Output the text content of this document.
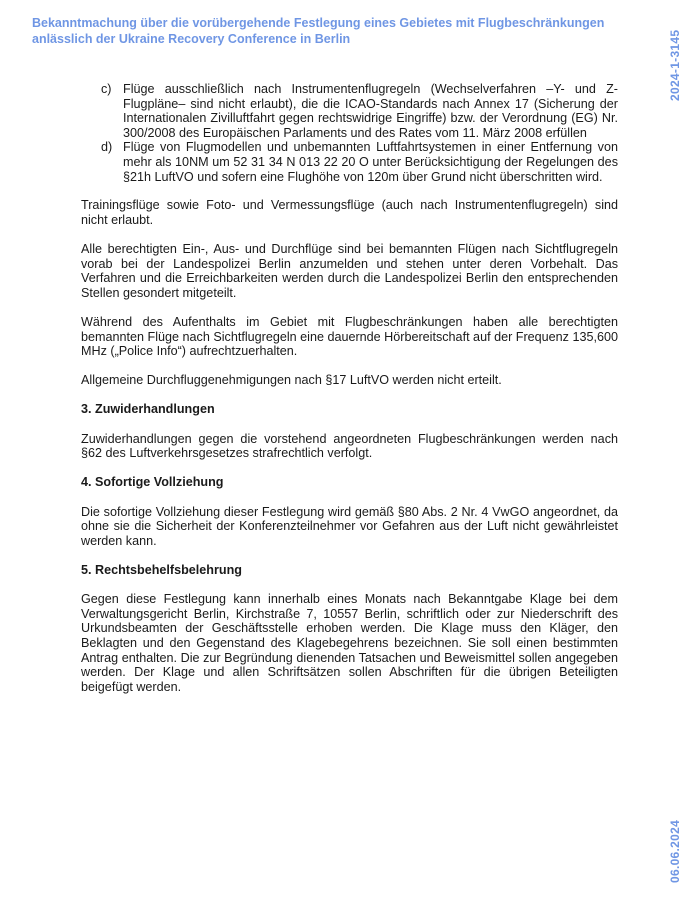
Bekanntmachung über die vorübergehende Festlegung eines Gebietes mit Flugbeschränkungen anlässlich der Ukraine Recovery Conference in Berlin	2024-1-3145
06.06.2024
c) Flüge ausschließlich nach Instrumentenflugregeln (Wechselverfahren –Y- und Z-Flugpläne– sind nicht erlaubt), die die ICAO-Standards nach Annex 17 (Sicherung der Internationalen Zivilluftfahrt gegen rechtswidrige Eingriffe) bzw. der Verordnung (EG) Nr. 300/2008 des Europäischen Parlaments und des Rates vom 11. März 2008 erfüllen
d) Flüge von Flugmodellen und unbemannten Luftfahrtsystemen in einer Entfernung von mehr als 10NM um 52 31 34 N 013 22 20 O unter Berücksichtigung der Regelungen des §21h LuftVO und sofern eine Flughöhe von 120m über Grund nicht überschritten wird.

Trainingsflüge sowie Foto- und Vermessungsflüge (auch nach Instrumentenflugregeln) sind nicht erlaubt.

Alle berechtigten Ein-, Aus- und Durchflüge sind bei bemannten Flügen nach Sichtflugregeln vorab bei der Landespolizei Berlin anzumelden und stehen unter deren Vorbehalt. Das Verfahren und die Erreichbarkeiten werden durch die Landespolizei Berlin den entsprechenden Stellen gesondert mitgeteilt.

Während des Aufenthalts im Gebiet mit Flugbeschränkungen haben alle berechtigten bemannten Flüge nach Sichtflugregeln eine dauernde Hörbereitschaft auf der Frequenz 135,600 MHz („Police Info“) aufrechtzuerhalten.

Allgemeine Durchfluggenehmigungen nach §17 LuftVO werden nicht erteilt.

3. Zuwiderhandlungen

Zuwiderhandlungen gegen die vorstehend angeordneten Flugbeschränkungen werden nach §62 des Luftverkehrsgesetzes strafrechtlich verfolgt.

4. Sofortige Vollziehung

Die sofortige Vollziehung dieser Festlegung wird gemäß §80 Abs. 2 Nr. 4 VwGO angeordnet, da ohne sie die Sicherheit der Konferenzteilnehmer vor Gefahren aus der Luft nicht gewährleistet werden kann.

5. Rechtsbehelfsbelehrung

Gegen diese Festlegung kann innerhalb eines Monats nach Bekanntgabe Klage bei dem Verwaltungsgericht Berlin, Kirchstraße 7, 10557 Berlin, schriftlich oder zur Niederschrift des Urkundsbeamten der Geschäftsstelle erhoben werden. Die Klage muss den Kläger, den Beklagten und den Gegenstand des Klagebegehrens bezeichnen. Sie soll einen bestimmten Antrag enthalten. Die zur Begründung dienenden Tatsachen und Beweismittel sollen angegeben werden. Der Klage und allen Schriftsätzen sollen Abschriften für die übrigen Beteiligten beigefügt werden.
